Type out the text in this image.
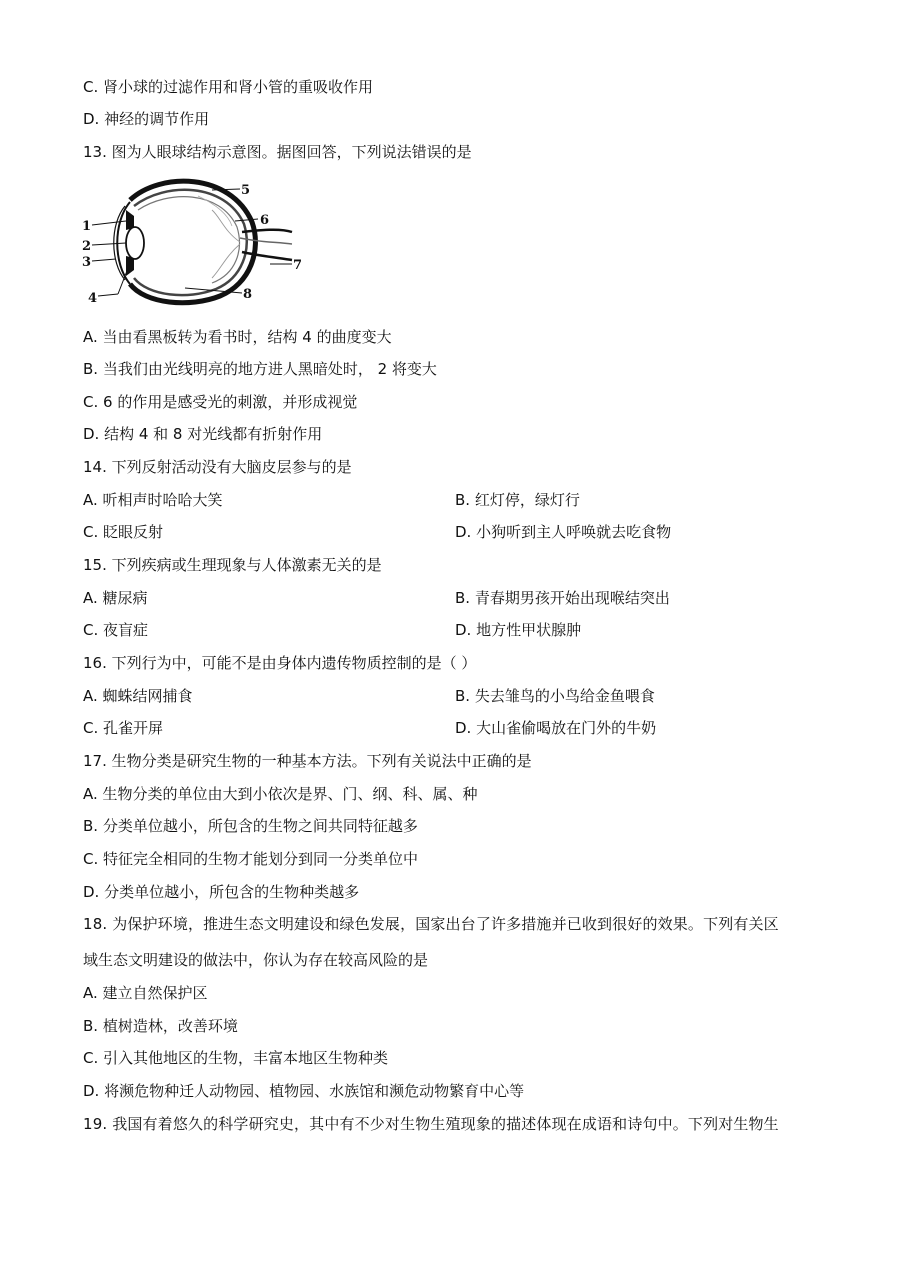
C. 肾小球的过滤作用和肾小管的重吸收作用
D. 神经的调节作用
13. 图为人眼球结构示意图。据图回答，下列说法错误的是
1
2
3
4
5
6
7
8
A. 当由看黑板转为看书时，结构 4 的曲度变大
B. 当我们由光线明亮的地方进人黑暗处时， 2 将变大
C. 6 的作用是感受光的刺激，并形成视觉
D. 结构 4 和 8 对光线都有折射作用
14. 下列反射活动没有大脑皮层参与的是
A. 听相声时哈哈大笑	B. 红灯停，绿灯行
C. 眨眼反射	D. 小狗听到主人呼唤就去吃食物
15. 下列疾病或生理现象与人体激素无关的是
A. 糖尿病	B. 青春期男孩开始出现喉结突出
C. 夜盲症	D. 地方性甲状腺肿
16. 下列行为中，可能不是由身体内遗传物质控制的是（ ）
A. 蜘蛛结网捕食	B. 失去雏鸟的小鸟给金鱼喂食
C. 孔雀开屏	D. 大山雀偷喝放在门外的牛奶
17. 生物分类是研究生物的一种基本方法。下列有关说法中正确的是
A. 生物分类的单位由大到小依次是界、门、纲、科、属、种
B. 分类单位越小，所包含的生物之间共同特征越多
C. 特征完全相同的生物才能划分到同一分类单位中
D. 分类单位越小，所包含的生物种类越多
18. 为保护环境，推进生态文明建设和绿色发展，国家出台了许多措施并已收到很好的效果。下列有关区
域生态文明建设的做法中，你认为存在较高风险的是
A. 建立自然保护区
B. 植树造林，改善环境
C. 引入其他地区的生物，丰富本地区生物种类
D. 将濒危物种迁人动物园、植物园、水族馆和濒危动物繁育中心等
19. 我国有着悠久的科学研究史，其中有不少对生物生殖现象的描述体现在成语和诗句中。下列对生物生
